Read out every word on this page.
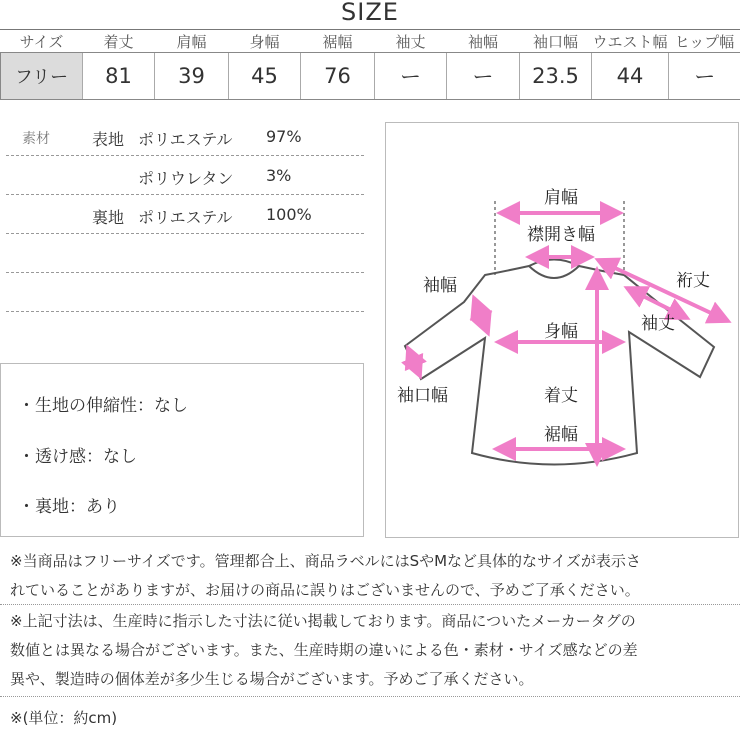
SIZE
サイズ	着丈	肩幅	身幅	裾幅	袖丈	袖幅	袖口幅	ウエスト幅	ヒップ幅
フリー	81	39	45	76	ー	ー	23.5	44	ー
素材	表地 ポリエステル 97%
ポリウレタン 3%
裏地 ポリエステル 100%
・生地の伸縮性：なし
・透け感：なし
・裏地：あり
肩幅
襟開き幅
裄丈
袖幅
袖丈
身幅
袖口幅	着丈
裾幅
※当商品はフリーサイズです。管理都合上、商品ラベルにはSやMなど具体的なサイズが表示さ
れていることがありますが、お届けの商品に誤りはございませんので、予めご了承ください。
※上記寸法は、生産時に指示した寸法に従い掲載しております。商品についたメーカータグの
数値とは異なる場合がございます。また、生産時期の違いによる色・素材・サイズ感などの差
異や、製造時の個体差が多少生じる場合がございます。予めご了承ください。
※(単位：約cm)
